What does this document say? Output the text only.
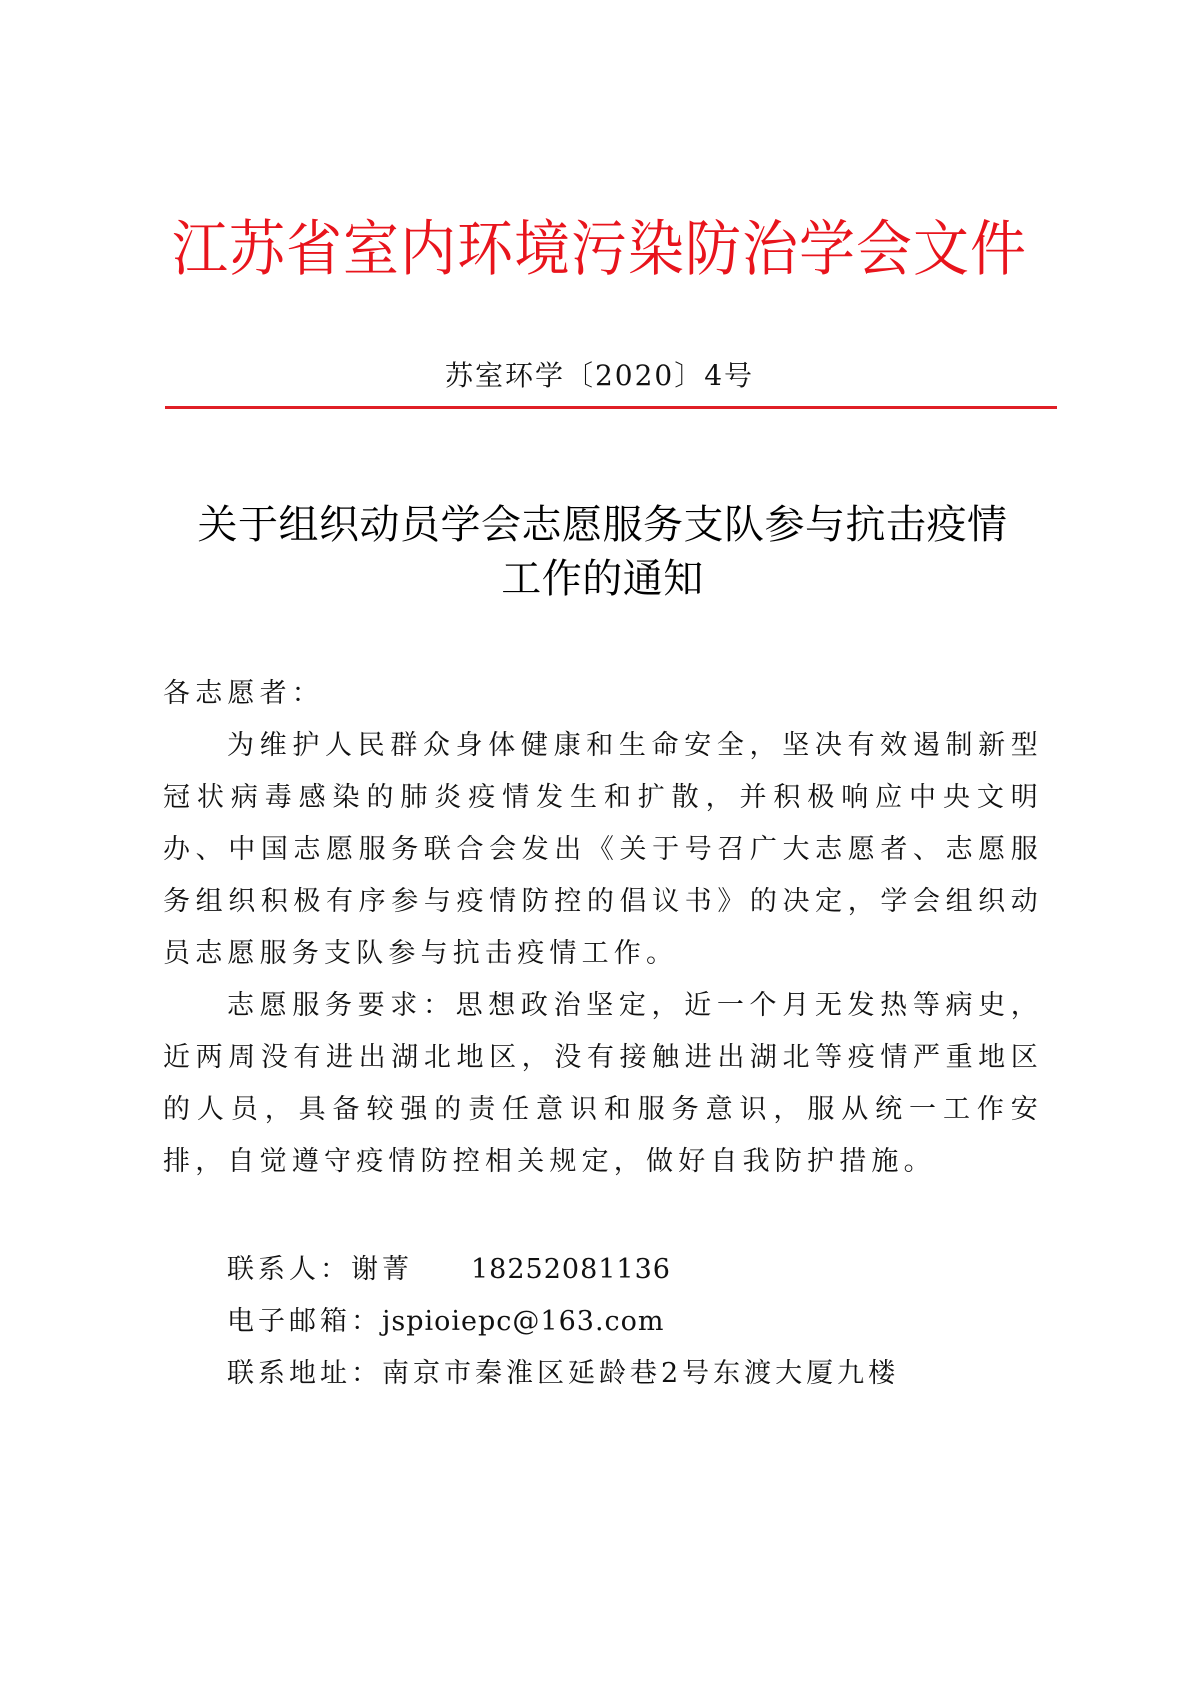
江苏省室内环境污染防治学会文件
苏室环学〔2020〕4号
关于组织动员学会志愿服务支队参与抗击疫情
工作的通知
各志愿者：

为维护人民群众身体健康和生命安全，坚决有效遏制新型冠状病毒感染的肺炎疫情发生和扩散，并积极响应中央文明办、中国志愿服务联合会发出《关于号召广大志愿者、志愿服务组织积极有序参与疫情防控的倡议书》的决定，学会组织动员志愿服务支队参与抗击疫情工作。

志愿服务要求：思想政治坚定，近一个月无发热等病史，近两周没有进出湖北地区，没有接触进出湖北等疫情严重地区的人员，具备较强的责任意识和服务意识，服从统一工作安排，自觉遵守疫情防控相关规定，做好自我防护措施。

联系人：谢菁 18252081136
电子邮箱：jspioiepc@163.com
联系地址：南京市秦淮区延龄巷2号东渡大厦九楼
